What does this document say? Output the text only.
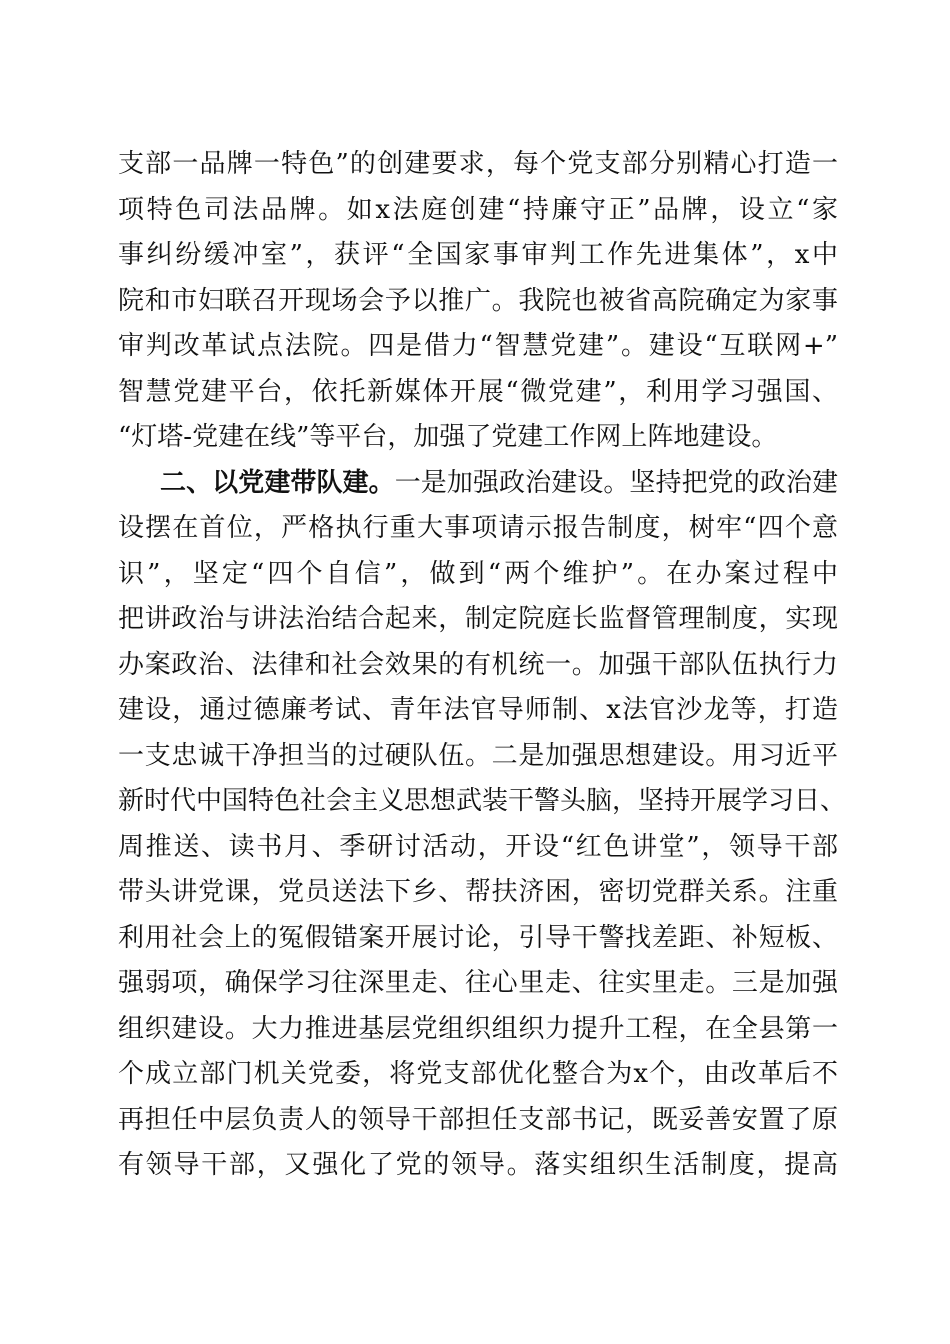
支部一品牌一特色”的创建要求，每个党支部分别精心打造一
项特色司法品牌。如x法庭创建“持廉守正”品牌，设立“家
事纠纷缓冲室”，获评“全国家事审判工作先进集体”，x中
院和市妇联召开现场会予以推广。我院也被省高院确定为家事
审判改革试点法院。四是借力“智慧党建”。建设“互联网+”
智慧党建平台，依托新媒体开展“微党建”，利用学习强国、
“灯塔-党建在线”等平台，加强了党建工作网上阵地建设。
二、以党建带队建。一是加强政治建设。坚持把党的政治建
设摆在首位，严格执行重大事项请示报告制度，树牢“四个意
识”，坚定“四个自信”，做到“两个维护”。在办案过程中
把讲政治与讲法治结合起来，制定院庭长监督管理制度，实现
办案政治、法律和社会效果的有机统一。加强干部队伍执行力
建设，通过德廉考试、青年法官导师制、x法官沙龙等，打造
一支忠诚干净担当的过硬队伍。二是加强思想建设。用习近平
新时代中国特色社会主义思想武装干警头脑，坚持开展学习日、
周推送、读书月、季研讨活动，开设“红色讲堂”，领导干部
带头讲党课，党员送法下乡、帮扶济困，密切党群关系。注重
利用社会上的冤假错案开展讨论，引导干警找差距、补短板、
强弱项，确保学习往深里走、往心里走、往实里走。三是加强
组织建设。大力推进基层党组织组织力提升工程，在全县第一
个成立部门机关党委，将党支部优化整合为x个，由改革后不
再担任中层负责人的领导干部担任支部书记，既妥善安置了原
有领导干部，又强化了党的领导。落实组织生活制度，提高
